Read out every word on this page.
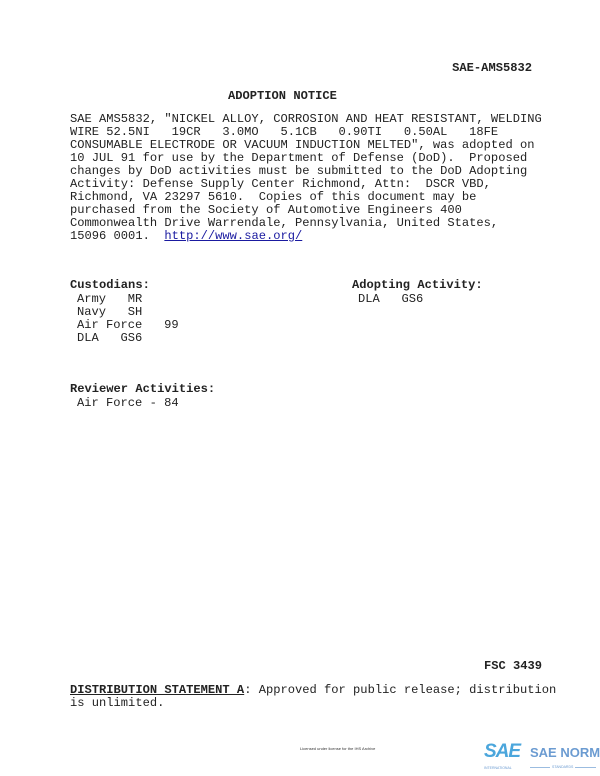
SAE-AMS5832
ADOPTION NOTICE
SAE AMS5832, "NICKEL ALLOY, CORROSION AND HEAT RESISTANT, WELDING
WIRE 52.5NI   19CR   3.0MO   5.1CB   0.90TI   0.50AL   18FE
CONSUMABLE ELECTRODE OR VACUUM INDUCTION MELTED", was adopted on
10 JUL 91 for use by the Department of Defense (DoD).  Proposed
changes by DoD activities must be submitted to the DoD Adopting
Activity: Defense Supply Center Richmond, Attn:  DSCR VBD,
Richmond, VA 23297 5610.  Copies of this document may be
purchased from the Society of Automotive Engineers 400
Commonwealth Drive Warrendale, Pennsylvania, United States,
15096 0001.  http://www.sae.org/
Custodians:
Army   MR
Navy   SH
Air Force   99
DLA   GS6
Adopting Activity:
DLA   GS6
Reviewer Activities:
Air Force - 84
FSC 3439
DISTRIBUTION STATEMENT A: Approved for public release; distribution
is unlimited.
Licensed under license for the IHS Archive	SAE SAE NORM
INTERNATIONAL	STANDARDS
